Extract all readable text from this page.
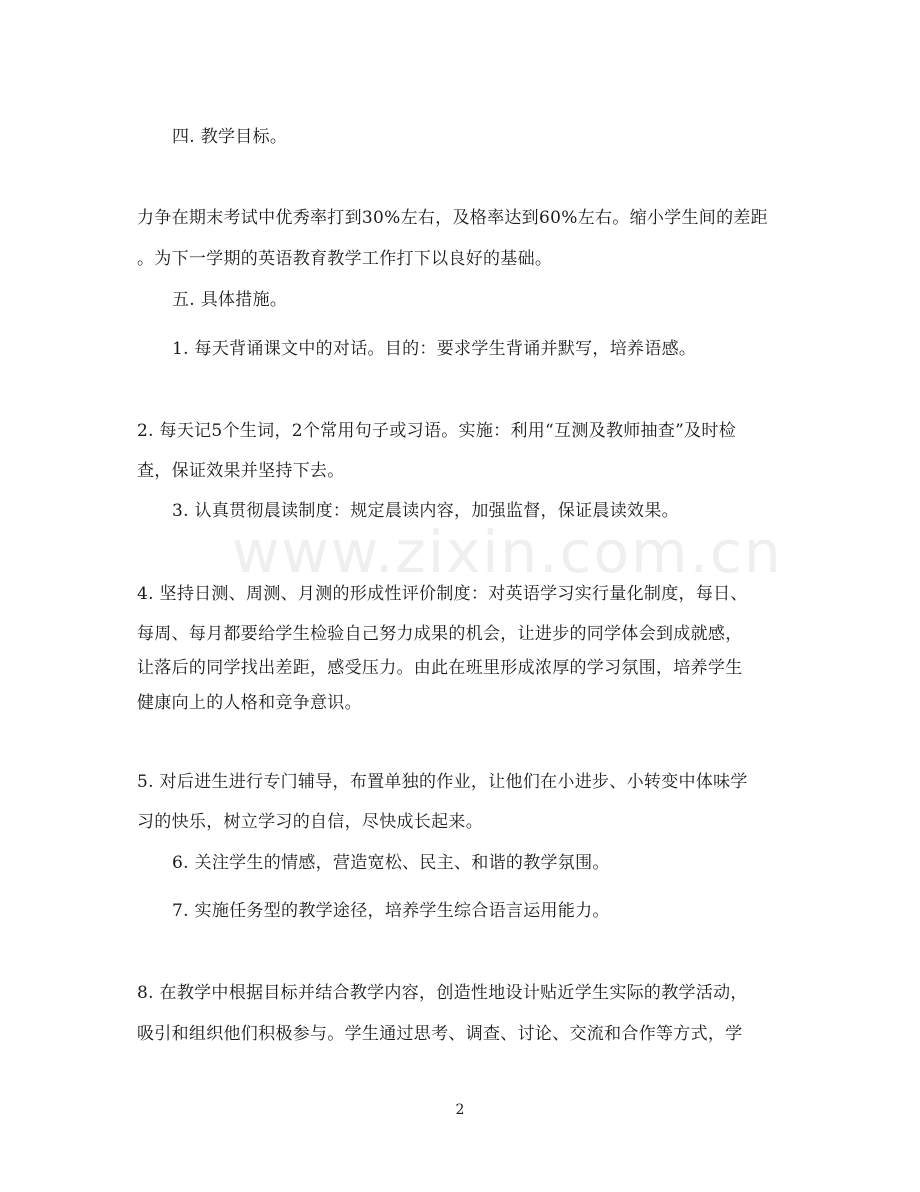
www.zixin.com.cn
四. 教学目标。
力争在期末考试中优秀率打到30%左右，及格率达到60%左右。缩小学生间的差距
。为下一学期的英语教育教学工作打下以良好的基础。
五. 具体措施。
1. 每天背诵课文中的对话。目的：要求学生背诵并默写，培养语感。
2. 每天记5个生词，2个常用句子或习语。实施：利用“互测及教师抽查”及时检
查，保证效果并坚持下去。
3. 认真贯彻晨读制度：规定晨读内容，加强监督，保证晨读效果。
4. 坚持日测、周测、月测的形成性评价制度：对英语学习实行量化制度，每日、
每周、每月都要给学生检验自己努力成果的机会，让进步的同学体会到成就感，
让落后的同学找出差距，感受压力。由此在班里形成浓厚的学习氛围，培养学生
健康向上的人格和竞争意识。
5. 对后进生进行专门辅导，布置单独的作业，让他们在小进步、小转变中体味学
习的快乐，树立学习的自信，尽快成长起来。
6. 关注学生的情感，营造宽松、民主、和谐的教学氛围。
7. 实施任务型的教学途径，培养学生综合语言运用能力。
8. 在教学中根据目标并结合教学内容，创造性地设计贴近学生实际的教学活动，
吸引和组织他们积极参与。学生通过思考、调查、讨论、交流和合作等方式，学
2
